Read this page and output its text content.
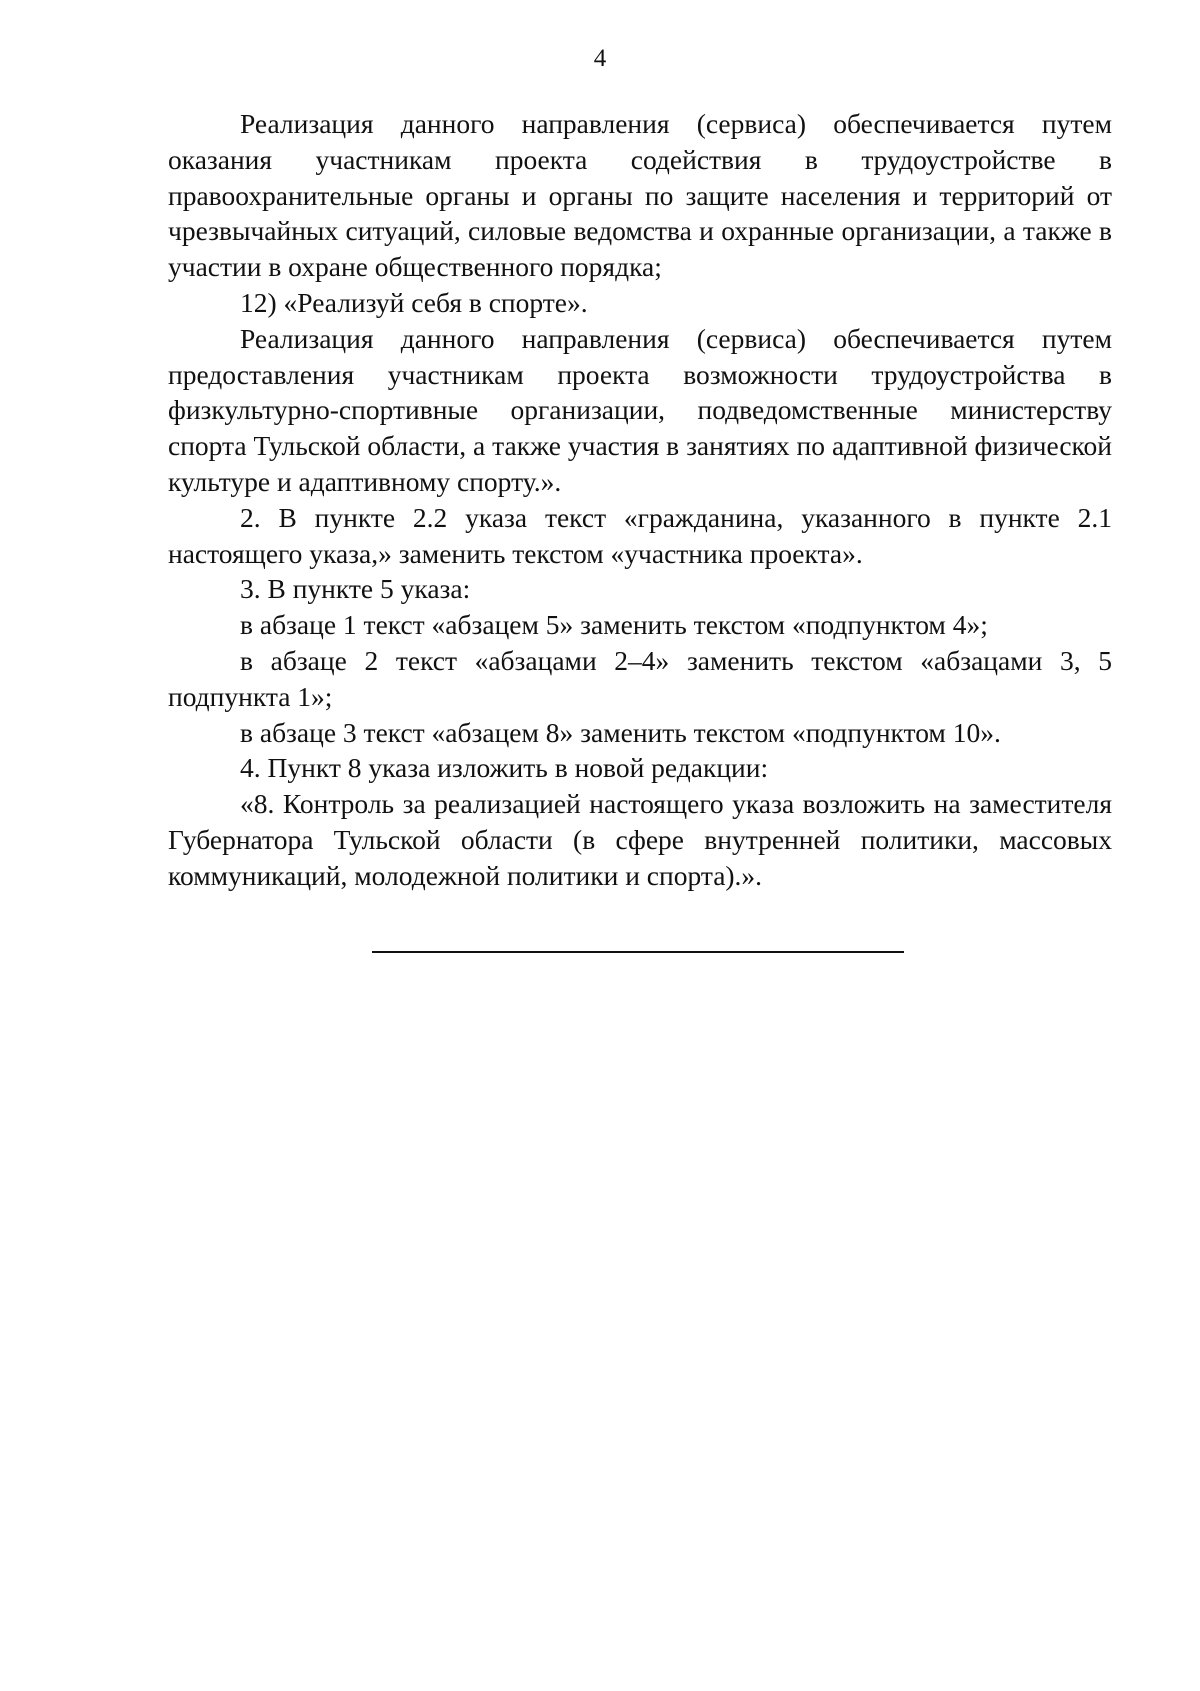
4

Реализация данного направления (сервиса) обеспечивается путем оказания участникам проекта содействия в трудоустройстве в правоохранительные органы и органы по защите населения и территорий от чрезвычайных ситуаций, силовые ведомства и охранные организации, а также в участии в охране общественного порядка;

12) «Реализуй себя в спорте».

Реализация данного направления (сервиса) обеспечивается путем предоставления участникам проекта возможности трудоустройства в физкультурно-спортивные организации, подведомственные министерству спорта Тульской области, а также участия в занятиях по адаптивной физической культуре и адаптивному спорту.».

2. В пункте 2.2 указа текст «гражданина, указанного в пункте 2.1 настоящего указа,» заменить текстом «участника проекта».

3. В пункте 5 указа:

в абзаце 1 текст «абзацем 5» заменить текстом «подпунктом 4»;

в абзаце 2 текст «абзацами 2–4» заменить текстом «абзацами 3, 5 подпункта 1»;

в абзаце 3 текст «абзацем 8» заменить текстом «подпунктом 10».

4. Пункт 8 указа изложить в новой редакции:

«8. Контроль за реализацией настоящего указа возложить на заместителя Губернатора Тульской области (в сфере внутренней политики, массовых коммуникаций, молодежной политики и спорта).».
